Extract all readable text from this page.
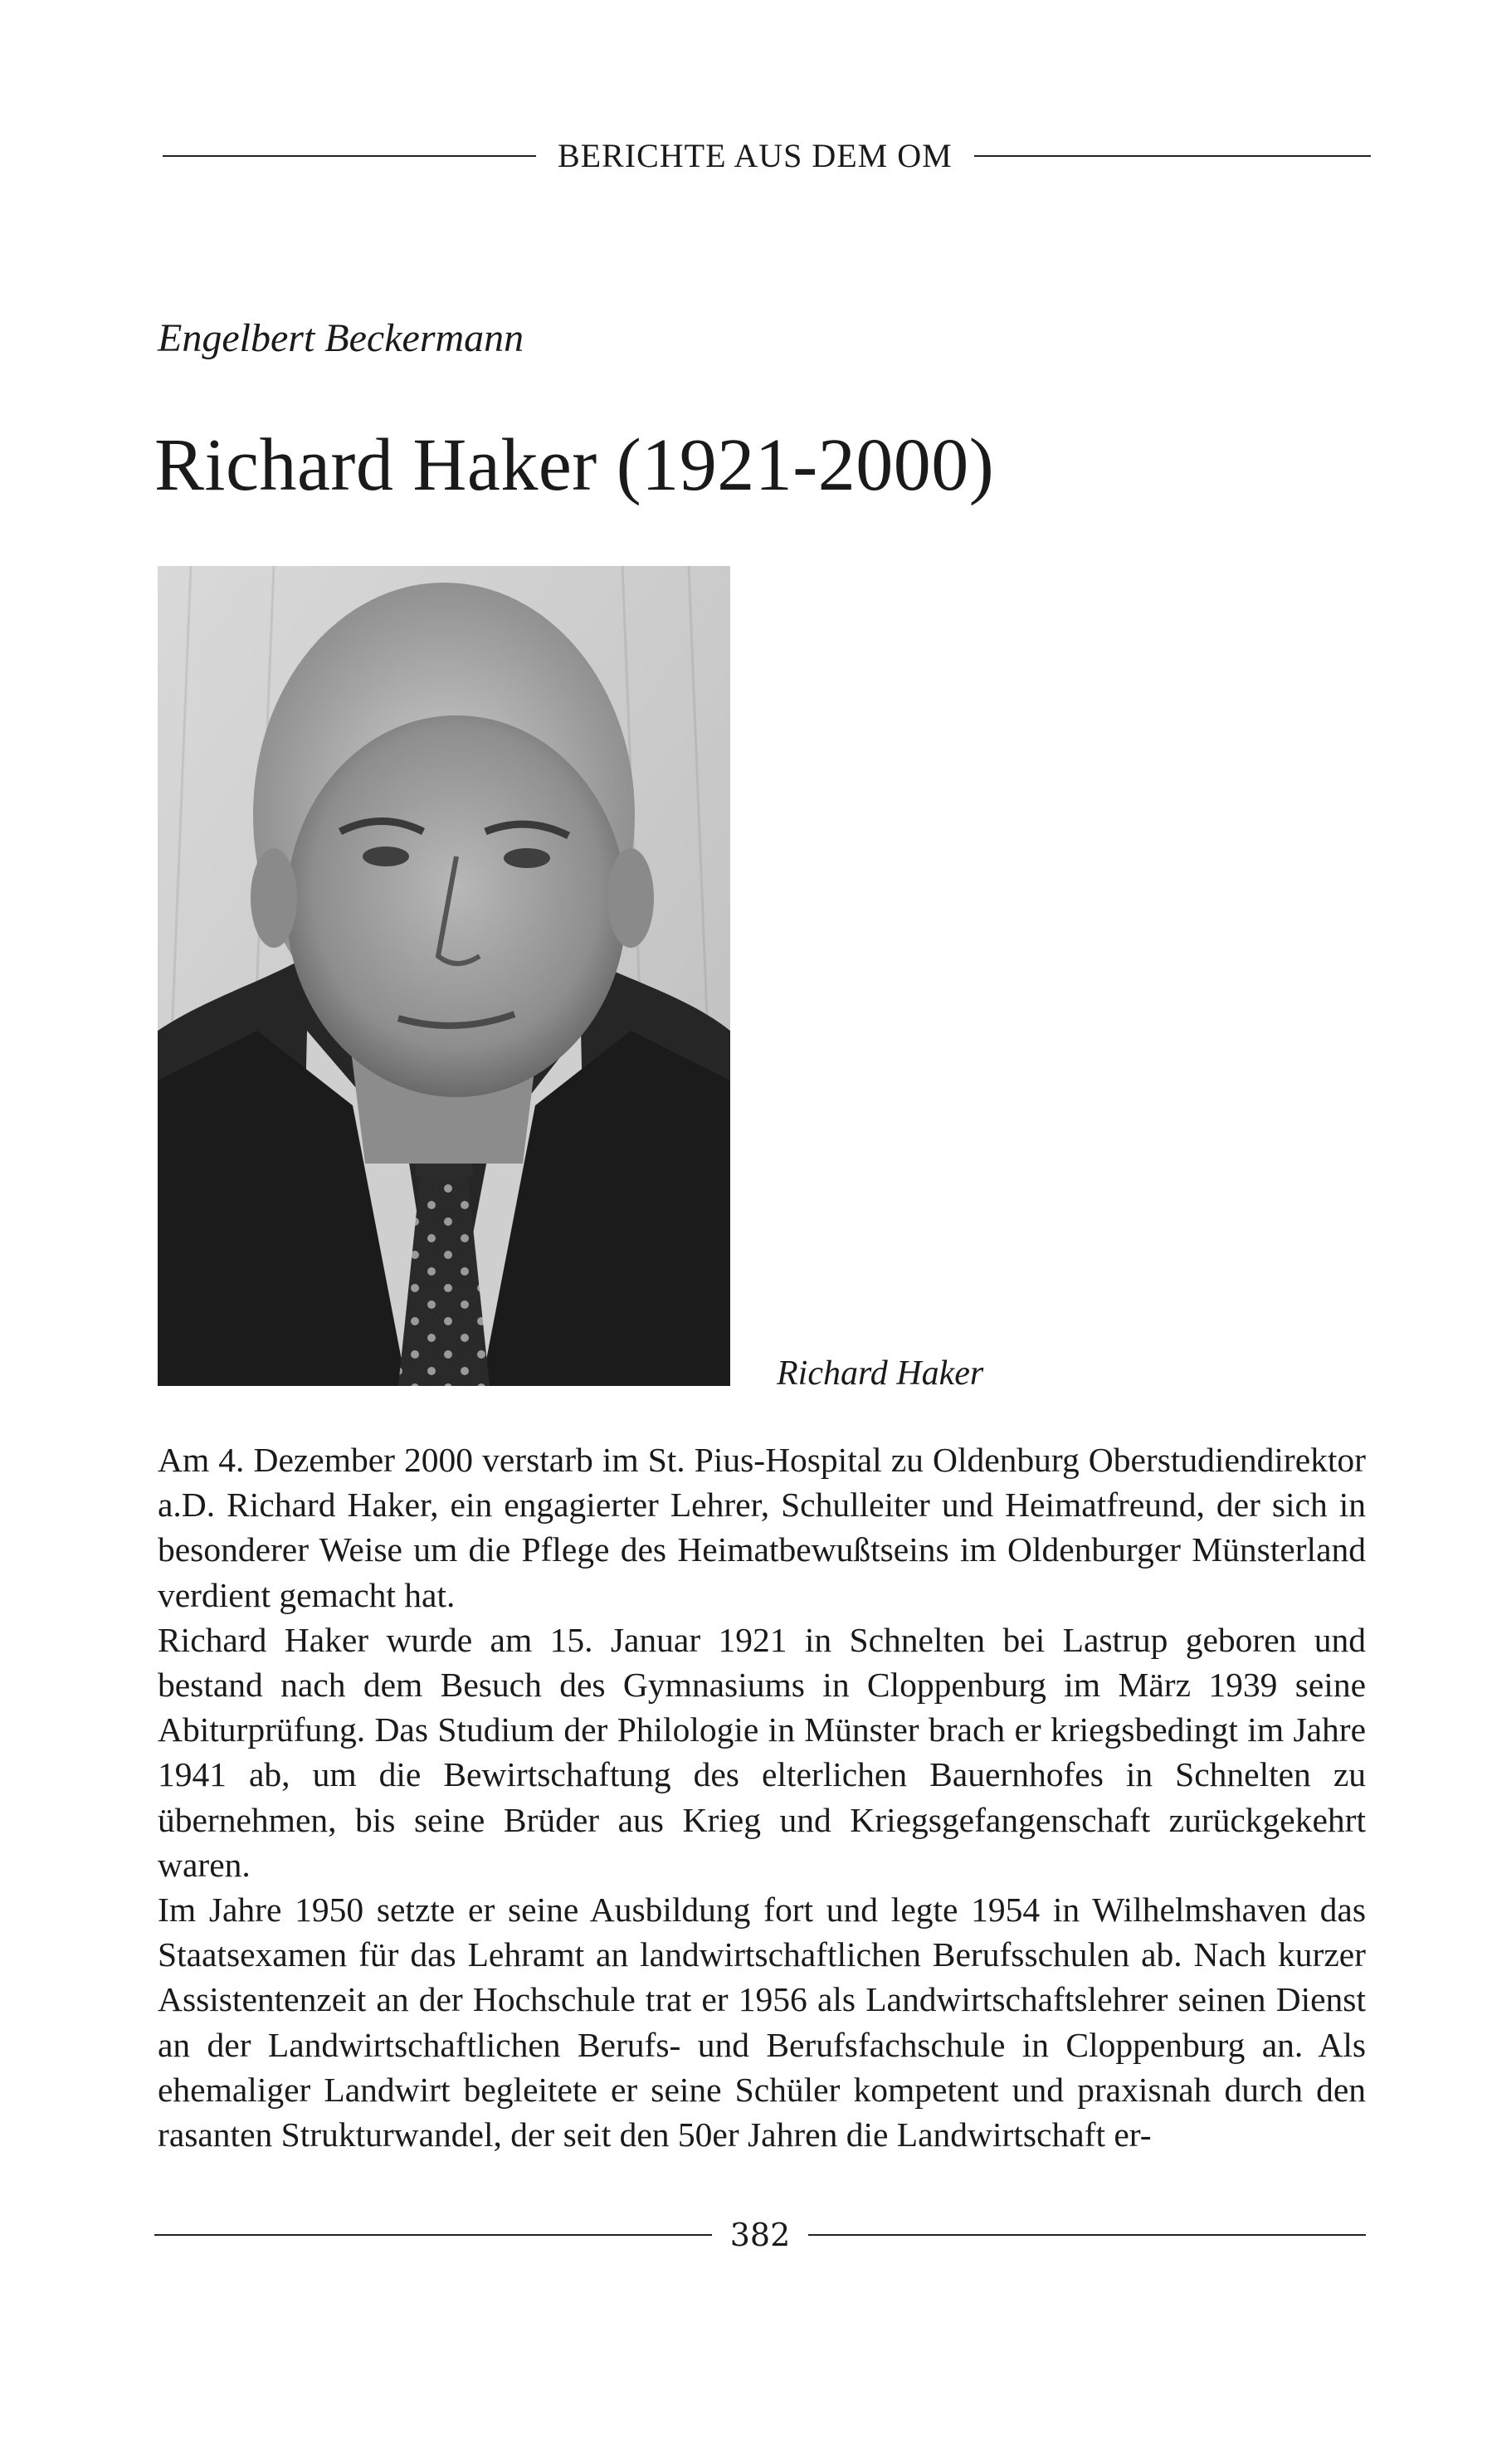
BERICHTE AUS DEM OM
Engelbert Beckermann
Richard Haker (1921-2000)
Richard Haker

Am 4. Dezember 2000 verstarb im St. Pius-Hospital zu Oldenburg Oberstudiendirektor a.D. Richard Haker, ein engagierter Lehrer, Schulleiter und Heimatfreund, der sich in besonderer Weise um die Pflege des Heimatbewußtseins im Oldenburger Münsterland verdient gemacht hat.

Richard Haker wurde am 15. Januar 1921 in Schnelten bei Lastrup geboren und bestand nach dem Besuch des Gymnasiums in Cloppenburg im März 1939 seine Abiturprüfung. Das Studium der Philologie in Münster brach er kriegsbedingt im Jahre 1941 ab, um die Bewirtschaftung des elterlichen Bauernhofes in Schnelten zu übernehmen, bis seine Brüder aus Krieg und Kriegsgefangenschaft zurückgekehrt waren.

Im Jahre 1950 setzte er seine Ausbildung fort und legte 1954 in Wilhelmshaven das Staatsexamen für das Lehramt an landwirtschaftlichen Berufsschulen ab. Nach kurzer Assistentenzeit an der Hochschule trat er 1956 als Landwirtschaftslehrer seinen Dienst an der Landwirtschaftlichen Berufs- und Berufsfachschule in Cloppenburg an. Als ehemaliger Landwirt begleitete er seine Schüler kompetent und praxisnah durch den rasanten Strukturwandel, der seit den 50er Jahren die Landwirtschaft er-

382
